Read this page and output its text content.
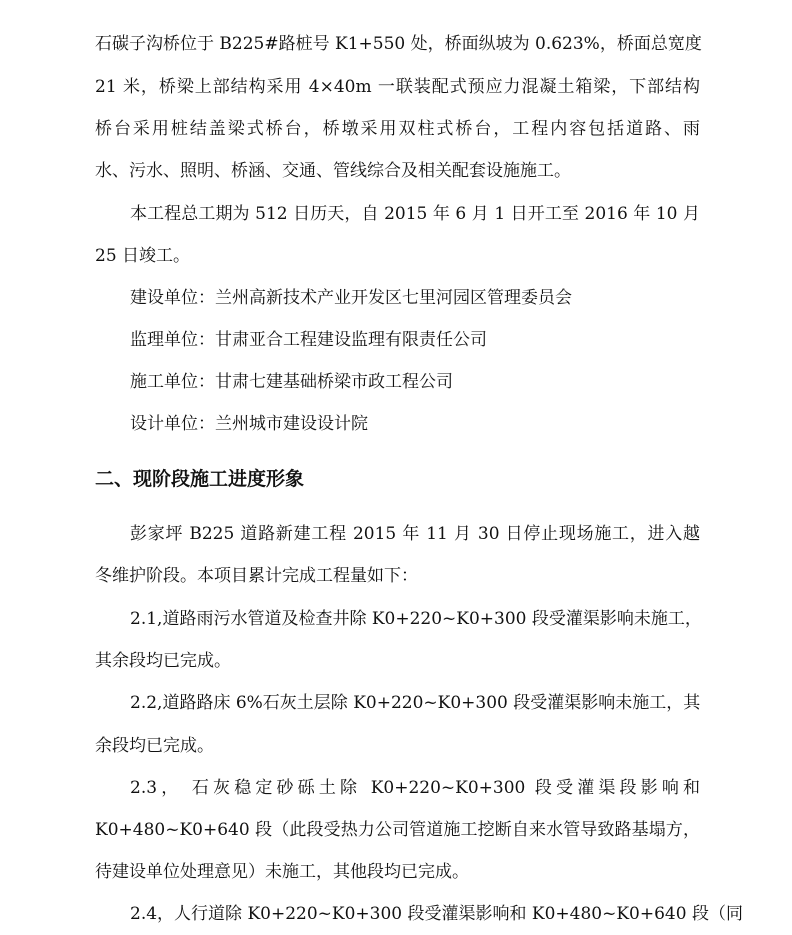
石碳子沟桥位于 B225#路桩号 K1+550 处，桥面纵坡为 0.623%，桥面总宽度
21 米，桥梁上部结构采用 4×40m 一联装配式预应力混凝土箱梁，下部结构
桥台采用桩结盖梁式桥台，桥墩采用双柱式桥台，工程内容包括道路、雨
水、污水、照明、桥涵、交通、管线综合及相关配套设施施工。
本工程总工期为 512 日历天，自 2015 年 6 月 1 日开工至 2016 年 10 月
25 日竣工。
建设单位：兰州高新技术产业开发区七里河园区管理委员会
监理单位：甘肃亚合工程建设监理有限责任公司
施工单位：甘肃七建基础桥梁市政工程公司
设计单位：兰州城市建设设计院
二、现阶段施工进度形象
彭家坪 B225 道路新建工程 2015 年 11 月 30 日停止现场施工，进入越
冬维护阶段。本项目累计完成工程量如下：
2.1,道路雨污水管道及检查井除 K0+220~K0+300 段受灌渠影响未施工，
其余段均已完成。
2.2,道路路床 6%石灰土层除 K0+220~K0+300 段受灌渠影响未施工，其
余段均已完成。
2.3， 石灰稳定砂砾土除 K0+220~K0+300 段受灌渠段影响和
K0+480~K0+640 段（此段受热力公司管道施工挖断自来水管导致路基塌方，
待建设单位处理意见）未施工，其他段均已完成。
2.4，人行道除 K0+220~K0+300 段受灌渠影响和 K0+480~K0+640 段（同
